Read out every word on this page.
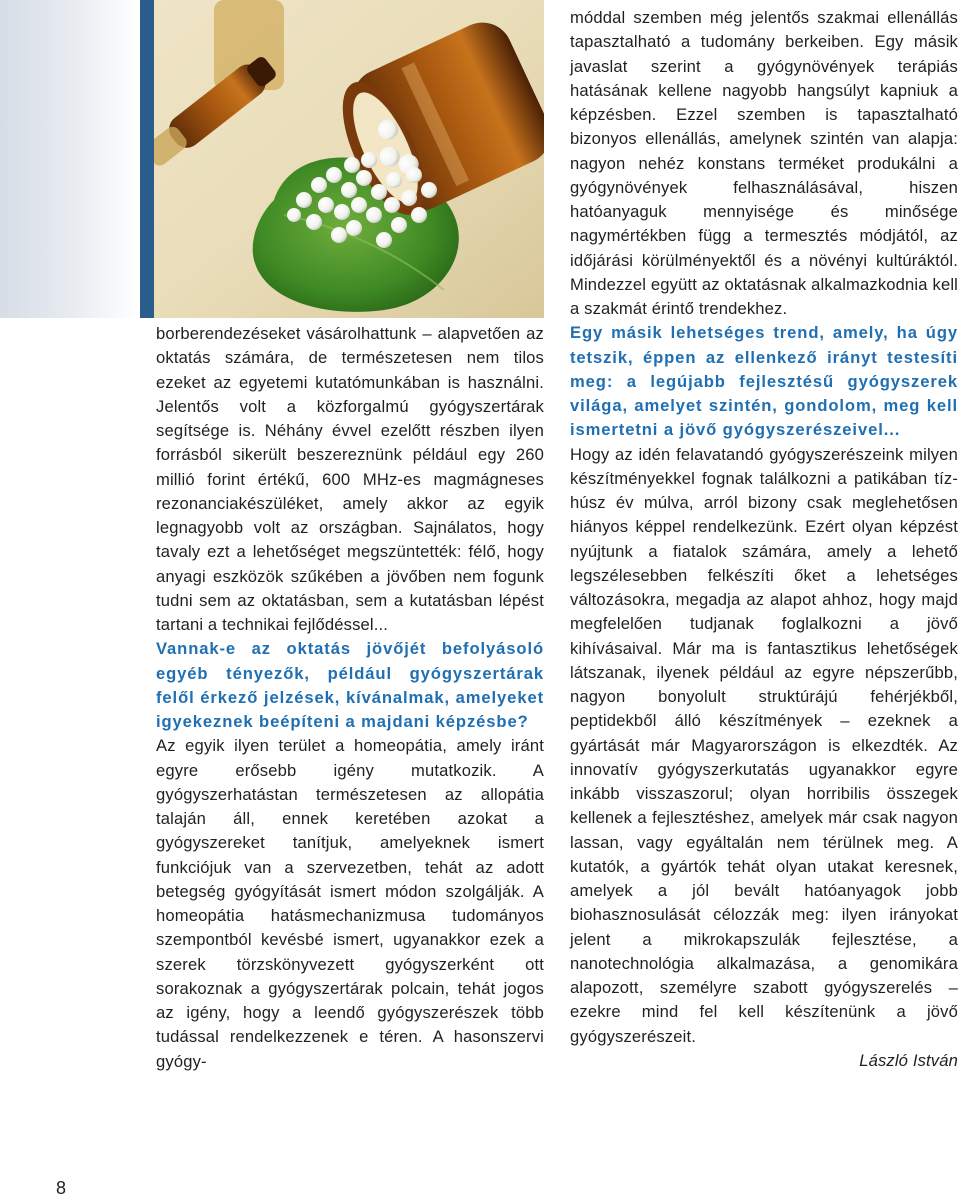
borberendezéseket vásárolhattunk – alapvetően az oktatás számára, de természetesen nem tilos ezeket az egyetemi kutatómunkában is használni. Jelentős volt a közforgalmú gyógyszertárak segítsége is. Néhány évvel ezelőtt részben ilyen forrásból sikerült beszereznünk például egy 260 millió forint értékű, 600 MHz-es magmágneses rezonanciakészüléket, amely akkor az egyik legnagyobb volt az országban. Sajnálatos, hogy tavaly ezt a lehetőséget megszüntették: félő, hogy anyagi eszközök szűkében a jövőben nem fogunk tudni sem az oktatásban, sem a kutatásban lépést tartani a technikai fejlődéssel...

Vannak-e az oktatás jövőjét befolyásoló egyéb tényezők, például gyógyszertárak felől érkező jelzések, kívánalmak, amelyeket igyekeznek beépíteni a majdani képzésbe?

Az egyik ilyen terület a homeopátia, amely iránt egyre erősebb igény mutatkozik. A gyógyszerhatástan természetesen az allopátia talaján áll, ennek keretében azokat a gyógyszereket tanítjuk, amelyeknek ismert funkciójuk van a szervezetben, tehát az adott betegség gyógyítását ismert módon szolgálják. A homeopátia hatásmechanizmusa tudományos szempontból kevésbé ismert, ugyanakkor ezek a szerek törzskönyvezett gyógyszerként ott sorakoznak a gyógyszertárak polcain, tehát jogos az igény, hogy a leendő gyógyszerészek több tudással rendelkezzenek e téren. A hasonszervi gyógy-

móddal szemben még jelentős szakmai ellenállás tapasztalható a tudomány berkeiben. Egy másik javaslat szerint a gyógynövények terápiás hatásának kellene nagyobb hangsúlyt kapniuk a képzésben. Ezzel szemben is tapasztalható bizonyos ellenállás, amelynek szintén van alapja: nagyon nehéz konstans terméket produkálni a gyógynövények felhasználásával, hiszen hatóanyaguk mennyisége és minősége nagymértékben függ a termesztés módjától, az időjárási körülményektől és a növényi kultúráktól. Mindezzel együtt az oktatásnak alkalmazkodnia kell a szakmát érintő trendekhez.

Egy másik lehetséges trend, amely, ha úgy tetszik, éppen az ellenkező irányt testesíti meg: a legújabb fejlesztésű gyógyszerek világa, amelyet szintén, gondolom, meg kell ismertetni a jövő gyógyszerészeivel...

Hogy az idén felavatandó gyógyszerészeink milyen készítményekkel fognak találkozni a patikában tíz-húsz év múlva, arról bizony csak meglehetősen hiányos képpel rendelkezünk. Ezért olyan képzést nyújtunk a fiatalok számára, amely a lehető legszélesebben felkészíti őket a lehetséges változásokra, megadja az alapot ahhoz, hogy majd megfelelően tudjanak foglalkozni a jövő kihívásaival. Már ma is fantasztikus lehetőségek látszanak, ilyenek például az egyre népszerűbb, nagyon bonyolult struktúrájú fehérjékből, peptidekből álló készítmények – ezeknek a gyártását már Magyarországon is elkezdték. Az innovatív gyógyszerkutatás ugyanakkor egyre inkább visszaszorul; olyan horribilis összegek kellenek a fejlesztéshez, amelyek már csak nagyon lassan, vagy egyáltalán nem térülnek meg. A kutatók, a gyártók tehát olyan utakat keresnek, amelyek a jól bevált hatóanyagok jobb biohasznosulását célozzák meg: ilyen irányokat jelent a mikrokapszulák fejlesztése, a nanotechnológia alkalmazása, a genomikára alapozott, személyre szabott gyógyszerelés – ezekre mind fel kell készítenünk a jövő gyógyszerészeit.

László István

8
